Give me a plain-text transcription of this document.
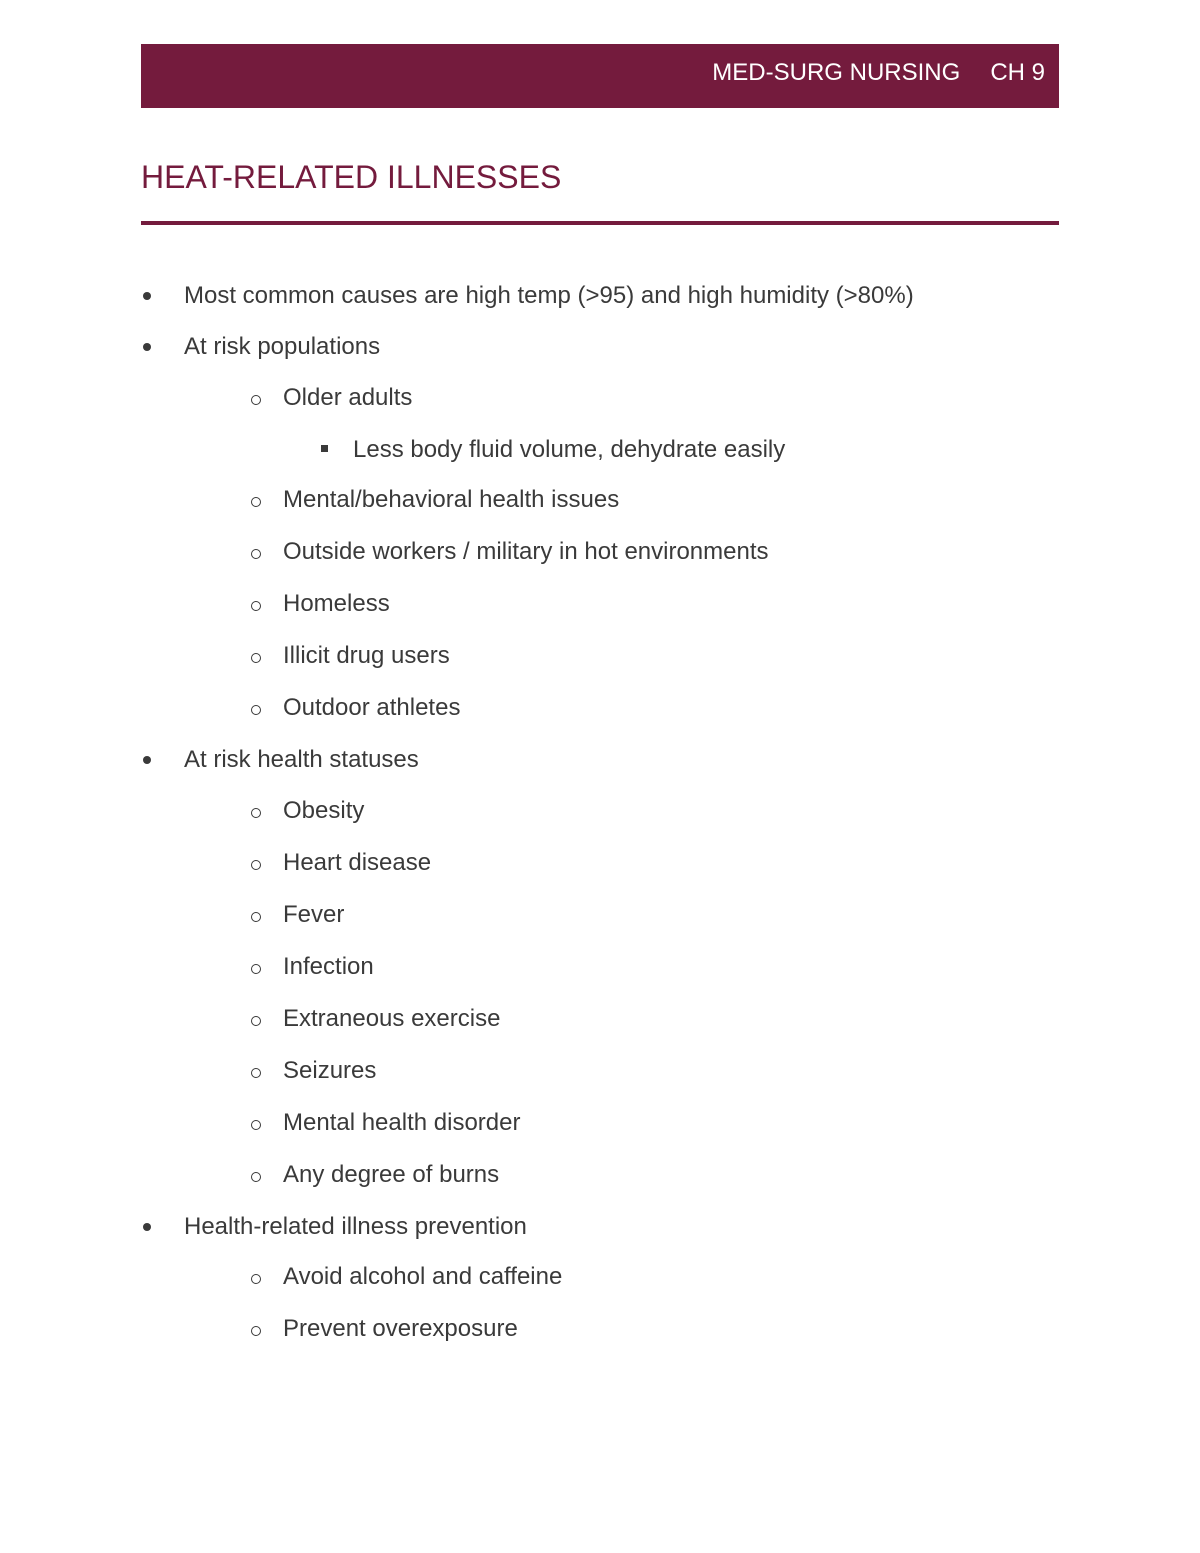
MED-SURG NURSING CH 9
HEAT-RELATED ILLNESSES
Most common causes are high temp (>95) and high humidity (>80%)
At risk populations
Older adults
Less body fluid volume, dehydrate easily
Mental/behavioral health issues
Outside workers / military in hot environments
Homeless
Illicit drug users
Outdoor athletes
At risk health statuses
Obesity
Heart disease
Fever
Infection
Extraneous exercise
Seizures
Mental health disorder
Any degree of burns
Health-related illness prevention
Avoid alcohol and caffeine
Prevent overexposure
